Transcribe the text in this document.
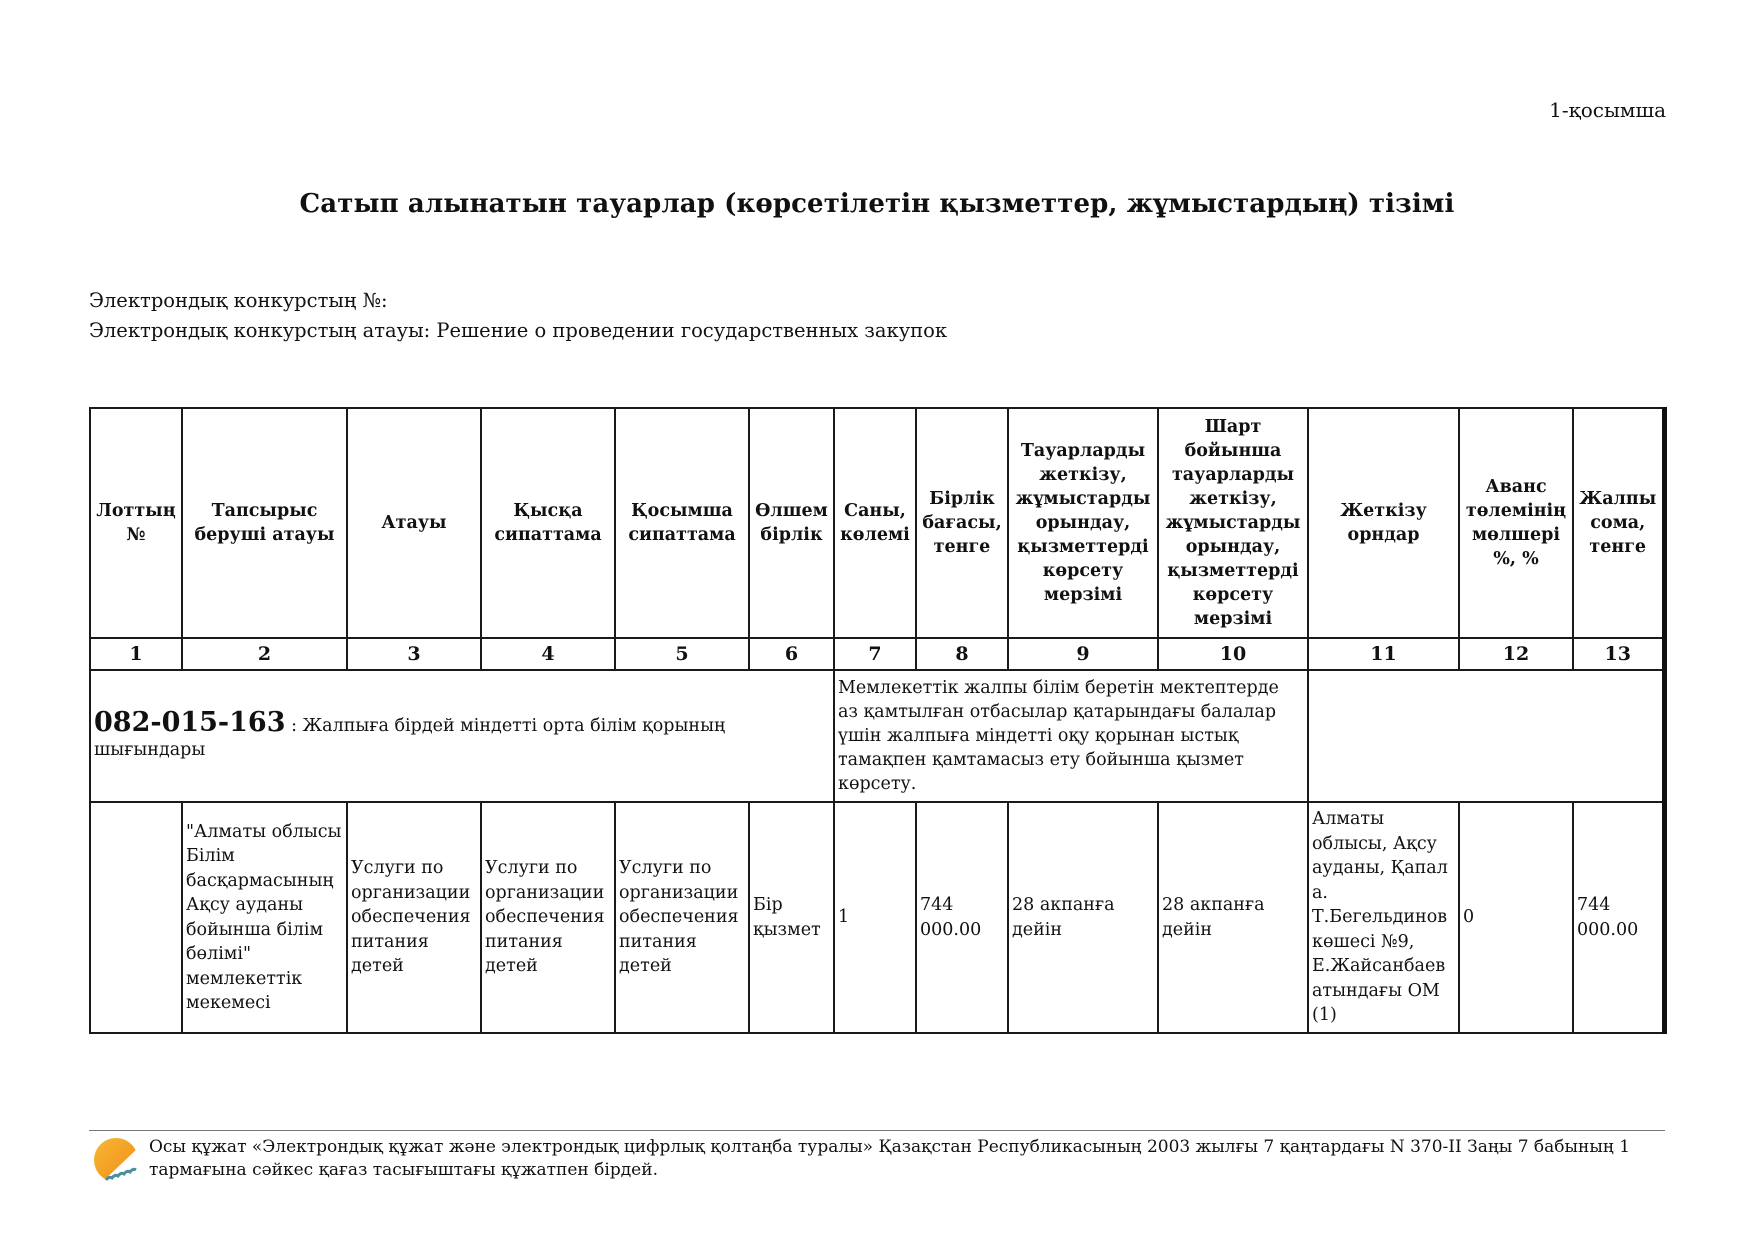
1-қосымша
Сатып алынатын тауарлар (көрсетілетін қызметтер, жұмыстардың) тізімі
Электрондық конкурстың №:
Электрондық конкурстың атауы: Решение о проведении государственных закупок
Лоттың №	Тапсырыс беруші атауы	Атауы	Қысқа сипаттама	Қосымша сипаттама	Өлшем бірлік	Саны, көлемі	Бірлік бағасы, тенге	Тауарларды жеткізу, жұмыстарды орындау, қызметтерді көрсету мерзімі	Шарт бойынша тауарларды жеткізу, жұмыстарды орындау, қызметтерді көрсету мерзімі	Жеткізу орндар	Аванс төлемінің мөлшері %, %	Жалпы сома, тенге
1	2	3	4	5	6	7	8	9	10	11	12	13
082-015-163 : Жалпыға бірдей міндетті орта білім қорының шығындары						Мемлекеттік жалпы білім беретін мектептерде аз қамтылған отбасылар қатарындағы балалар үшін жалпыға міндетті оқу қорынан ыстық тамақпен қамтамасыз ету бойынша қызмет көрсету.						
	"Алматы облысы Білім басқармасының Ақсу ауданы бойынша білім бөлімі" мемлекеттік мекемесі	Услуги по организации обеспечения питания детей	Услуги по организации обеспечения питания детей	Услуги по организации обеспечения питания детей	Бір қызмет	1	744 000.00	28 акпанға дейін	28 акпанға дейін	Алматы облысы, Ақсу ауданы, Қапал а. Т.Бегельдинов көшесі №9, Е.Жайсанбаев атындағы ОМ (1)	0	744 000.00
Осы құжат «Электрондық құжат және электрондық цифрлық қолтаңба туралы» Қазақстан Республикасының 2003 жылғы 7 қаңтардағы N 370-II Заңы 7 бабының 1 тармағына сәйкес қағаз тасығыштағы құжатпен бірдей.
